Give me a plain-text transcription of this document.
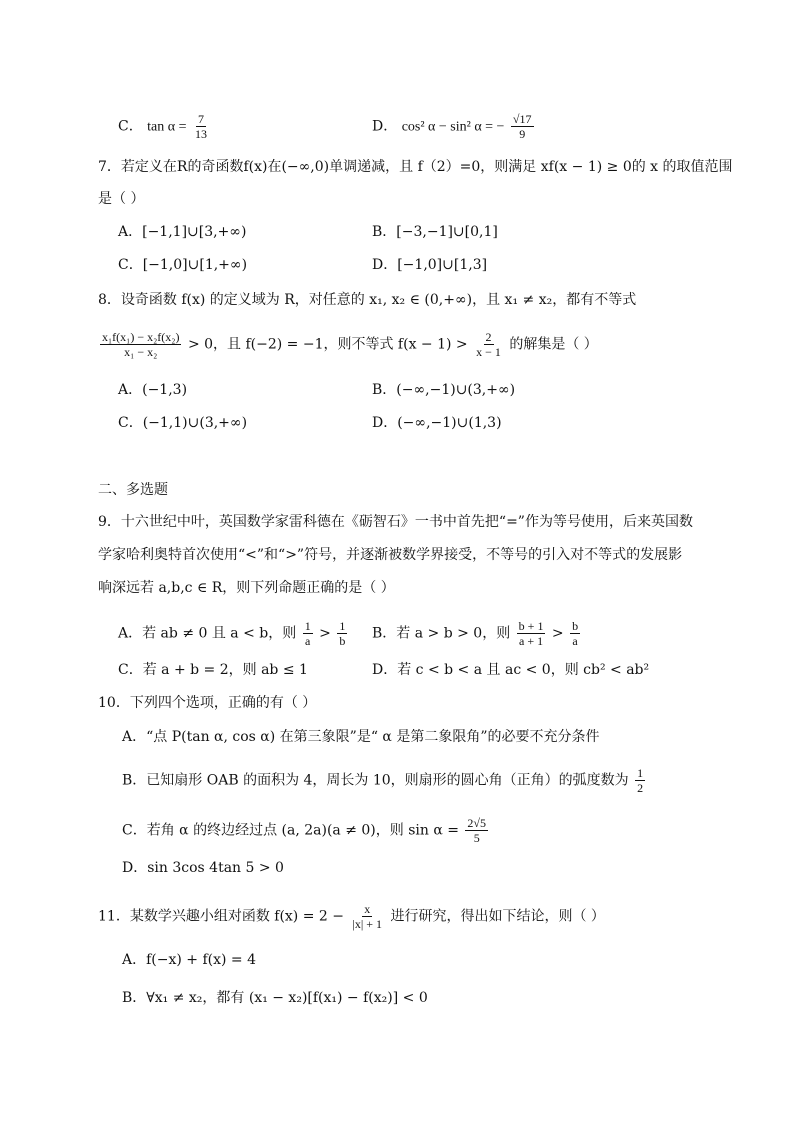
C． $\tan \alpha = \frac{7}{13}$	D． cos² α − sin² α = − $\frac{√17}{9}$
7．若定义在R的奇函数f(x)在(−∞,0)单调递减，且 f（2）=0，则满足 xf(x − 1) ≥ 0的 x 的取值范围
是（ ）
A．[−1,1]∪[3,+∞)	B．[−3,−1]∪[0,1]
C．[−1,0]∪[1,+∞)	D．[−1,0]∪[1,3]
8．设奇函数 f(x) 的定义域为 R，对任意的 x₁, x₂ ∈ (0,+∞)，且 x₁ ≠ x₂，都有不等式
$\frac{\text{x₁f(x₁) − x₂f(x₂)}}{\text{x₁ − x₂}} > 0$，且 f(−2) = −1，则不等式 $f(x - 1) > \frac{2}{x - 1}$ 的解集是（ ）
A．(−1,3)	B．(−∞,−1)∪(3,+∞)
C．(−1,1)∪(3,+∞)	D．(−∞,−1)∪(1,3)
二、多选题
9．十六世纪中叶，英国数学家雷科德在《砺智石》一书中首先把“=”作为等号使用，后来英国数
学家哈利奥特首次使用“<”和“>”符号，并逐渐被数学界接受，不等号的引入对不等式的发展影
响深远若 a,b,c ∈ R，则下列命题正确的是（ ）
A．若 ab ≠ 0 且 a < b，则 $\frac{1}{a} > \frac{1}{b}$ B．若 a > b > 0，则 $\frac{b + 1}{a + 1} > \frac{b}{a}$
C．若 a + b = 2，则 ab ≤ 1	D．若 c < b < a 且 ac < 0，则 cb² < ab²
10．下列四个选项，正确的有（ ）
A．“点 P(tan α, cos α) 在第三象限”是“ α 是第二象限角”的必要不充分条件
B．已知扇形 OAB 的面积为 4，周长为 10，则扇形的圆心角（正角）的弧度数为 $\frac{1}{2}$
C．若角 α 的终边经过点 (a, 2a)(a ≠ 0)，则 $\sin \alpha = \frac{2√5}{5}$
D．sin 3cos 4tan 5 > 0
11．某数学兴趣小组对函数 $f(x) = 2 - \frac{x}{|x| + 1}$ 进行研究，得出如下结论，则（ ）
A．f(−x) + f(x) = 4
B．∀x₁ ≠ x₂，都有 (x₁ − x₂)[f(x₁) − f(x₂)] < 0
